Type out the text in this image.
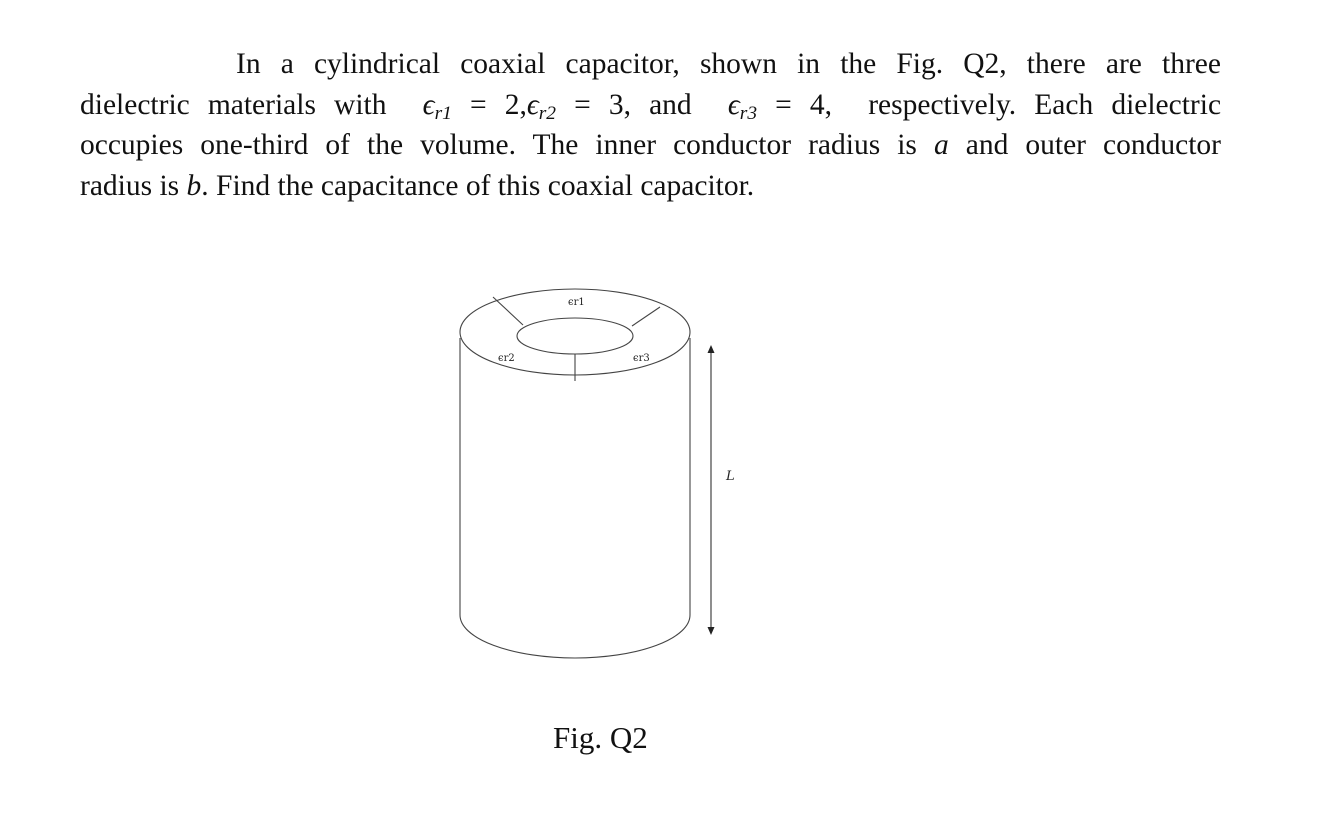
In a cylindrical coaxial capacitor, shown in the Fig. Q2, there are three
dielectric materials with $\epsilon_{r1} = 2,\epsilon_{r2} = 3$, and $\epsilon_{r3} = 4$, respectively. Each dielectric
occupies one-third of the volume. The inner conductor radius is a and outer conductor
radius is b. Find the capacitance of this coaxial capacitor.
ϵr1
ϵr2	ϵr3
L

Fig. Q2
